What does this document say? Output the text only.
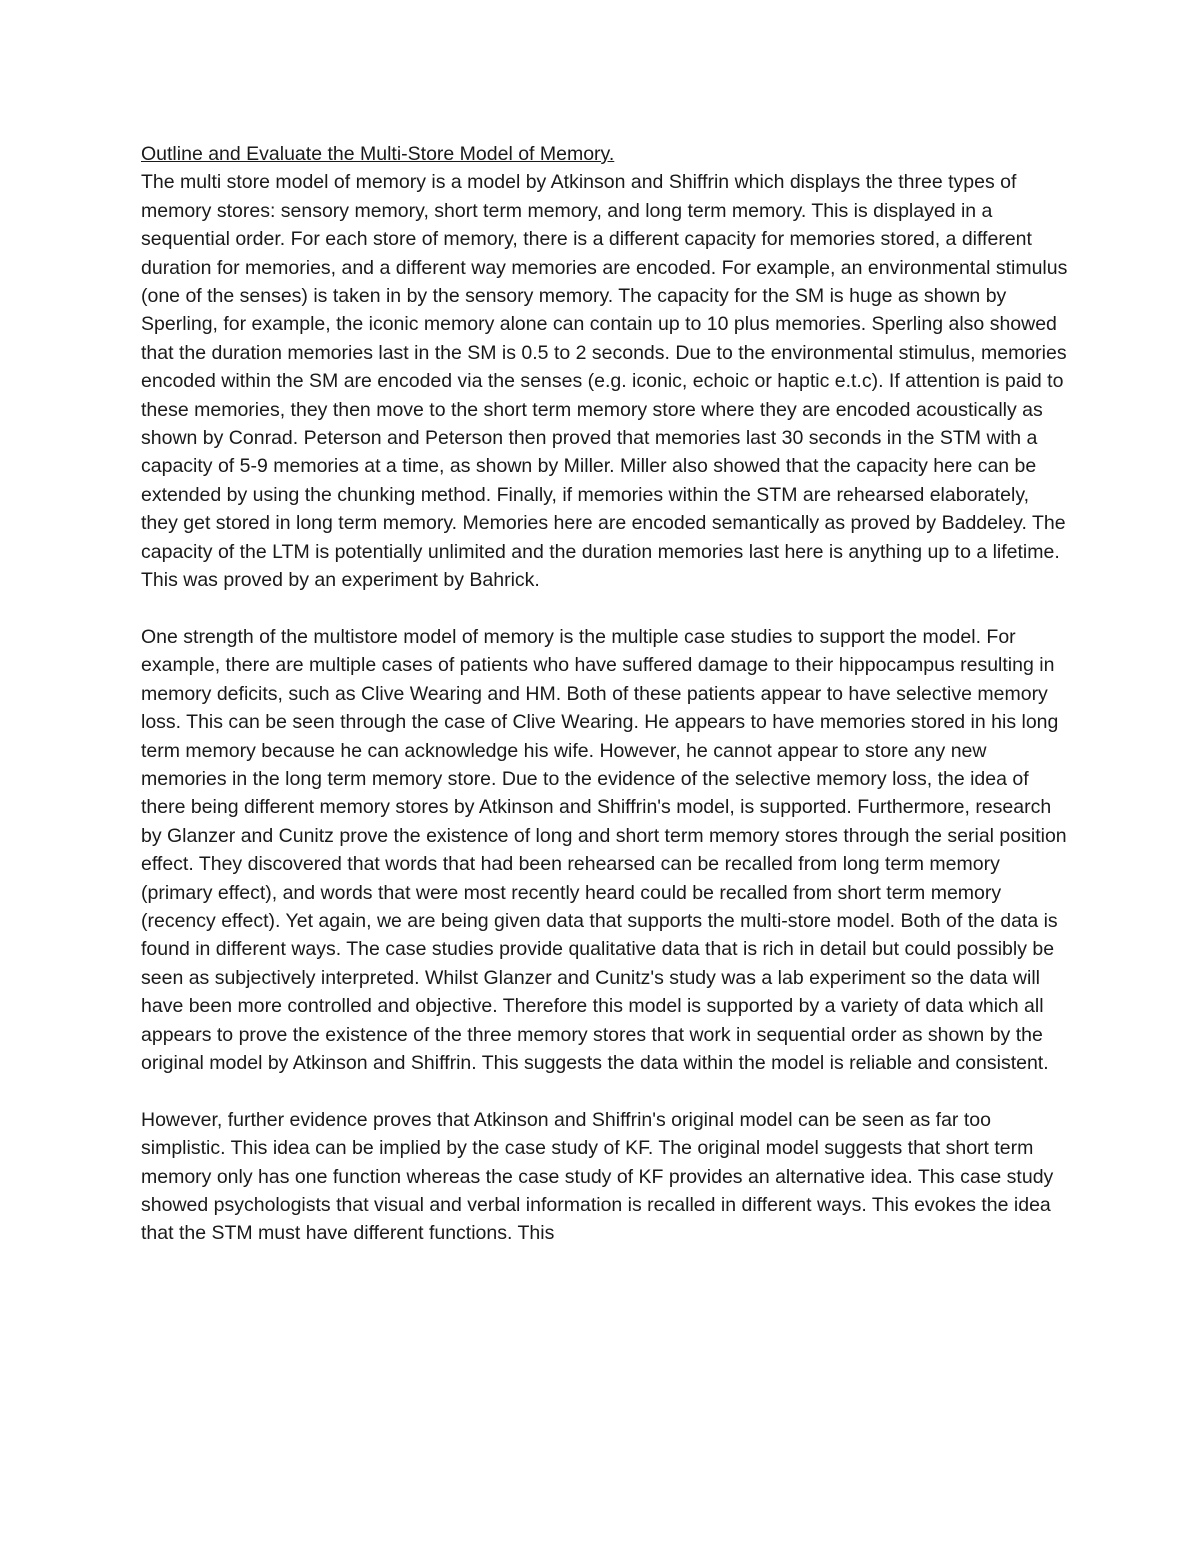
Outline and Evaluate the Multi-Store Model of Memory.

The multi store model of memory is a model by Atkinson and Shiffrin which displays the three types of memory stores: sensory memory, short term memory, and long term memory. This is displayed in a sequential order. For each store of memory, there is a different capacity for memories stored, a different duration for memories, and a different way memories are encoded. For example, an environmental stimulus (one of the senses) is taken in by the sensory memory. The capacity for the SM is huge as shown by Sperling, for example, the iconic memory alone can contain up to 10 plus memories. Sperling also showed that the duration memories last in the SM is 0.5 to 2 seconds. Due to the environmental stimulus, memories encoded within the SM are encoded via the senses (e.g. iconic, echoic or haptic e.t.c). If attention is paid to these memories, they then move to the short term memory store where they are encoded acoustically as shown by Conrad. Peterson and Peterson then proved that memories last 30 seconds in the STM with a capacity of 5-9 memories at a time, as shown by Miller. Miller also showed that the capacity here can be extended by using the chunking method. Finally, if memories within the STM are rehearsed elaborately, they get stored in long term memory. Memories here are encoded semantically as proved by Baddeley. The capacity of the LTM is potentially unlimited and the duration memories last here is anything up to a lifetime. This was proved by an experiment by Bahrick.

One strength of the multistore model of memory is the multiple case studies to support the model. For example, there are multiple cases of patients who have suffered damage to their hippocampus resulting in memory deficits, such as Clive Wearing and HM. Both of these patients appear to have selective memory loss. This can be seen through the case of Clive Wearing. He appears to have memories stored in his long term memory because he can acknowledge his wife. However, he cannot appear to store any new memories in the long term memory store. Due to the evidence of the selective memory loss, the idea of there being different memory stores by Atkinson and Shiffrin's model, is supported. Furthermore, research by Glanzer and Cunitz prove the existence of long and short term memory stores through the serial position effect. They discovered that words that had been rehearsed can be recalled from long term memory (primary effect), and words that were most recently heard could be recalled from short term memory (recency effect). Yet again, we are being given data that supports the multi-store model. Both of the data is found in different ways. The case studies provide qualitative data that is rich in detail but could possibly be seen as subjectively interpreted. Whilst Glanzer and Cunitz's study was a lab experiment so the data will have been more controlled and objective. Therefore this model is supported by a variety of data which all appears to prove the existence of the three memory stores that work in sequential order as shown by the original model by Atkinson and Shiffrin. This suggests the data within the model is reliable and consistent.

However, further evidence proves that Atkinson and Shiffrin's original model can be seen as far too simplistic. This idea can be implied by the case study of KF. The original model suggests that short term memory only has one function whereas the case study of KF provides an alternative idea. This case study showed psychologists that visual and verbal information is recalled in different ways. This evokes the idea that the STM must have different functions. This
